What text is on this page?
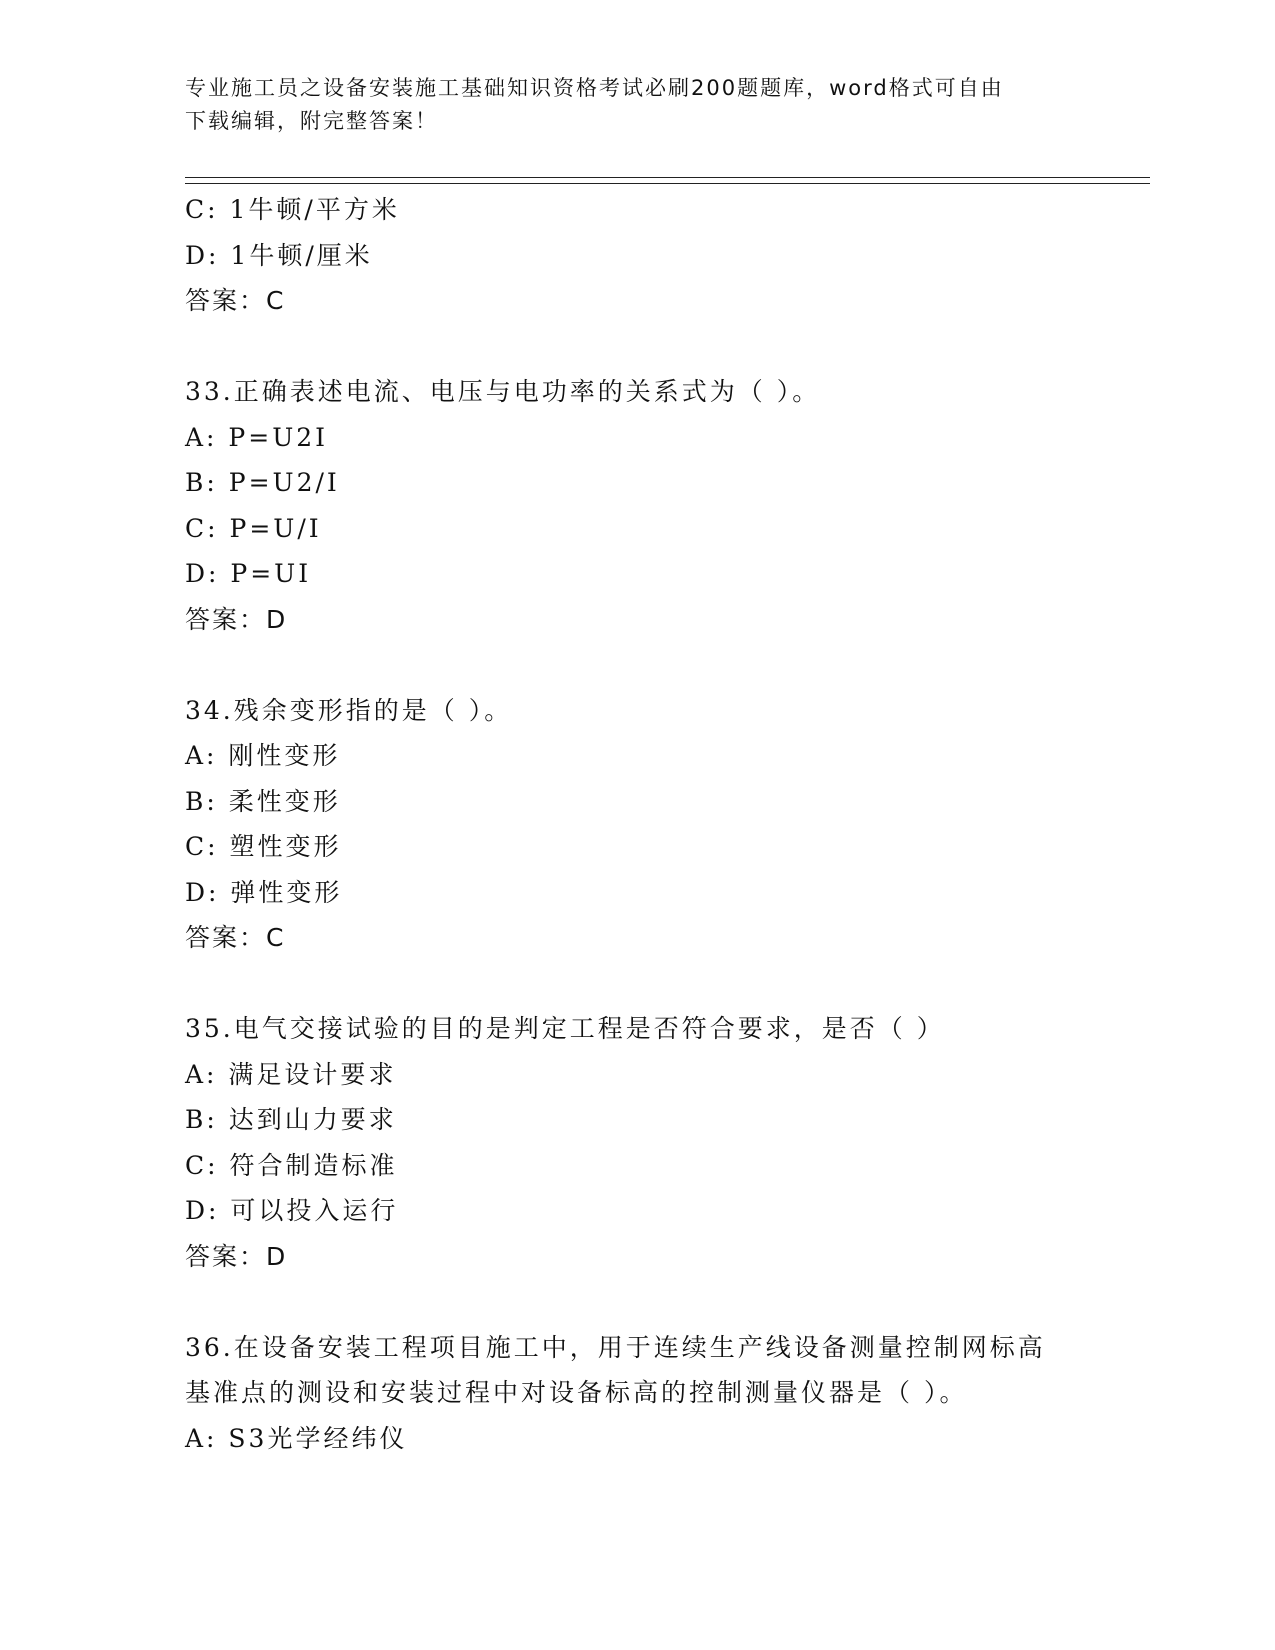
专业施工员之设备安装施工基础知识资格考试必刷200题题库，word格式可自由
下载编辑，附完整答案！
C: 1牛顿/平方米
D: 1牛顿/厘米
答案：C
33.正确表述电流、电压与电功率的关系式为（ ）。
A: P=U2I
B: P=U2/I
C: P=U/I
D: P=UI
答案：D
34.残余变形指的是（ ）。
A: 刚性变形
B: 柔性变形
C: 塑性变形
D: 弹性变形
答案：C
35.电气交接试验的目的是判定工程是否符合要求，是否（ ）
A: 满足设计要求
B: 达到山力要求
C: 符合制造标准
D: 可以投入运行
答案：D
36.在设备安装工程项目施工中，用于连续生产线设备测量控制网标高
基准点的测设和安装过程中对设备标高的控制测量仪器是（ ）。
A: S3光学经纬仪
